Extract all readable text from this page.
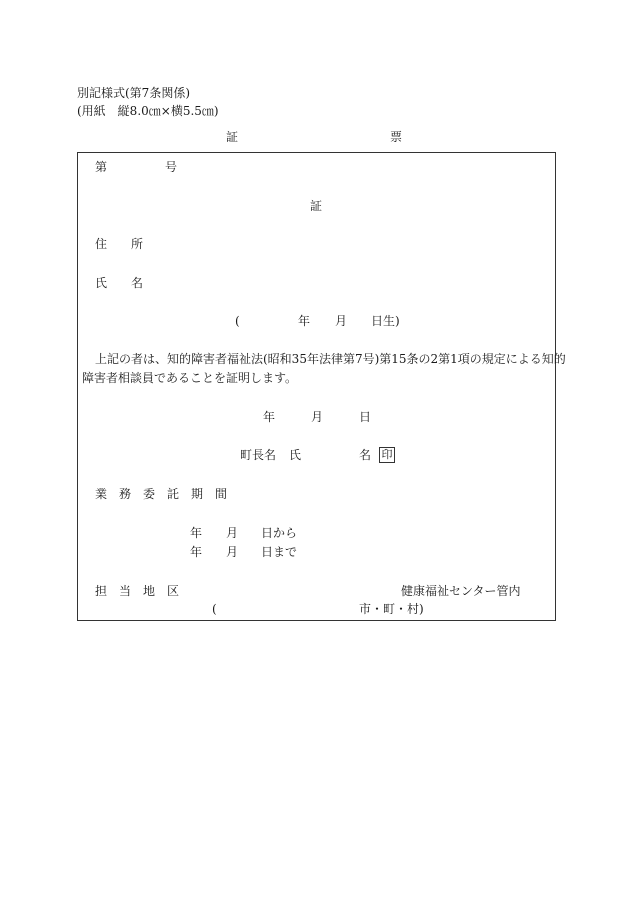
別記様式(第7条関係)
(用紙　縦8.0㎝×横5.5㎝)
証	票
第	号
証
住　　所
氏　　名
(	年 月 日生)
上記の者は、知的障害者福祉法(昭和35年法律第7号)第15条の2第1項の規定による知的
障害者相談員であることを証明します。
年	月	日
町長名 氏	名 印
業　務　委　託　期　間
年 月 日から
年 月 日まで
担　当　地　区	健康福祉センター管内
(	市・町・村)
